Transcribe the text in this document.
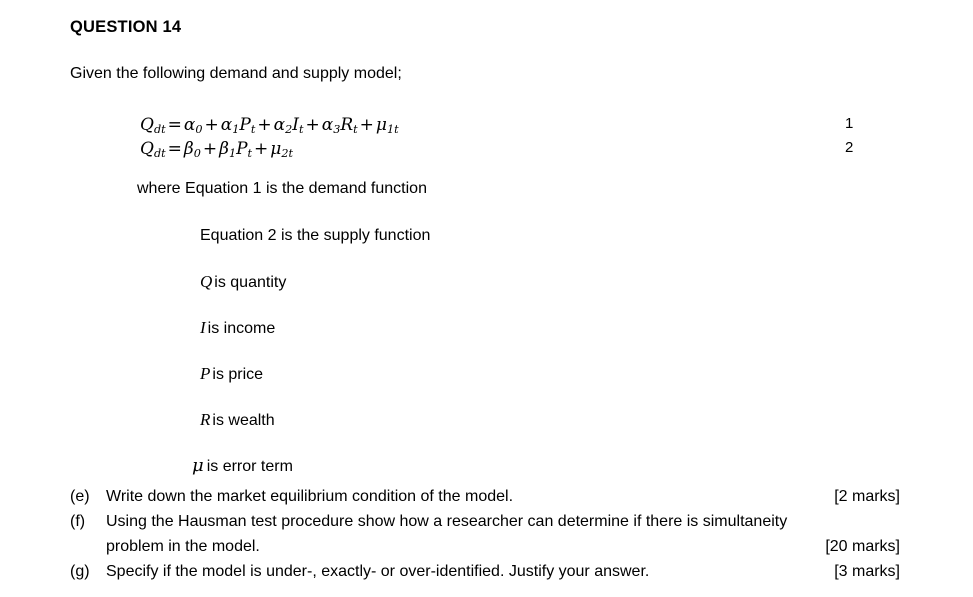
QUESTION 14
Given the following demand and supply model;
$Q_{dt} = \alpha_0 + \alpha_1P_t + \alpha_2I_t + \alpha_3R_t + \mu_{1t}$	1
$Q_{dt} = \beta_0 + \beta_1P_t + \mu_{2t}$	2
where Equation 1 is the demand function
Equation 2 is the supply function
Q is quantity
I is income
P is price
R is wealth
μ is error term
(e)	Write down the market equilibrium condition of the model.	[2 marks]
(f)	Using the Hausman test procedure show how a researcher can determine if there is simultaneity
problem in the model.	[20 marks]
(g)	Specify if the model is under-, exactly- or over-identified. Justify your answer.	[3 marks]
